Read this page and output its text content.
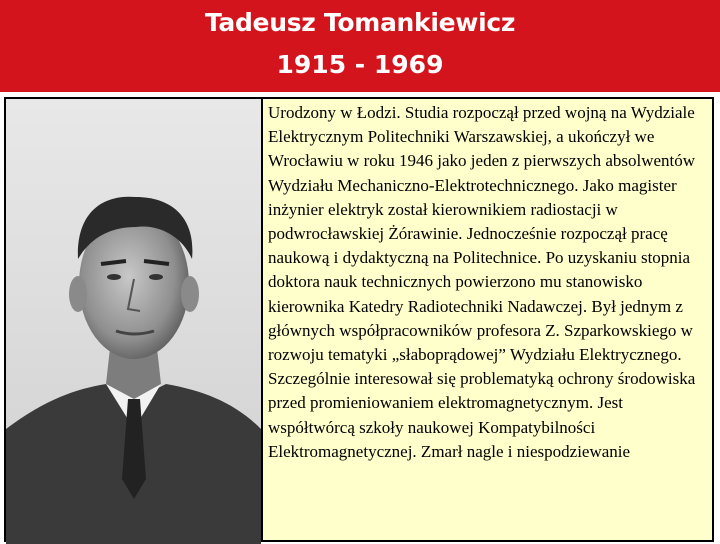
Tadeusz Tomankiewicz
1915 - 1969

Urodzony w Łodzi. Studia rozpoczął przed wojną na Wydziale Elektrycznym Politechniki Warszawskiej, a ukończył we Wrocławiu w roku 1946 jako jeden z pierwszych absolwentów Wydziału Mechaniczno-Elektrotechnicznego. Jako magister inżynier elektryk został kierownikiem radiostacji w podwrocławskiej Żórawinie. Jednocześnie rozpoczął pracę naukową i dydaktyczną na Politechnice. Po uzyskaniu stopnia doktora nauk technicznych powierzono mu stanowisko kierownika Katedry Radiotechniki Nadawczej. Był jednym z głównych współpracowników profesora Z. Szparkowskiego w rozwoju tematyki „słaboprądowej” Wydziału Elektrycznego. Szczególnie interesował się problematyką ochrony środowiska przed promieniowaniem elektromagnetycznym. Jest współtwórcą szkoły naukowej Kompatybilności Elektromagnetycznej. Zmarł nagle i niespodziewanie
